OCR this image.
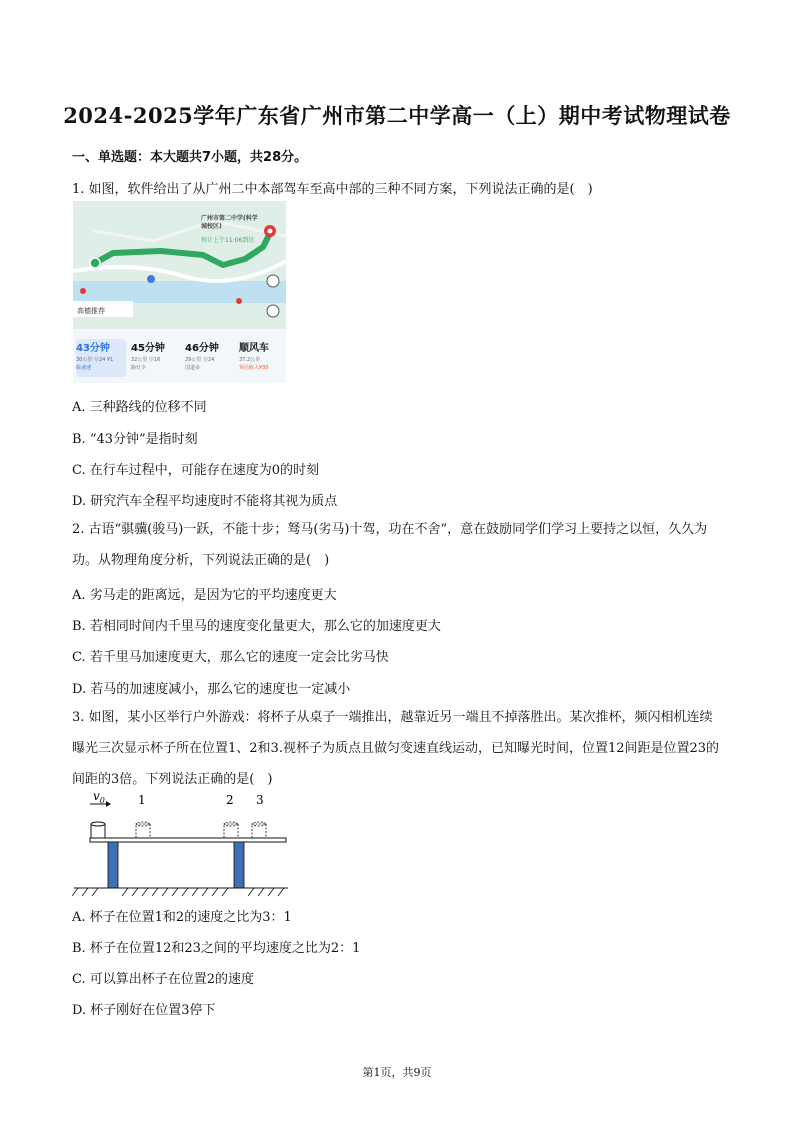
2024-2025学年广东省广州市第二中学高一（上）期中考试物理试卷
一、单选题：本大题共7小题，共28分。
1. 如图，软件给出了从广州二中本部驾车至高中部的三种不同方案，下列说法正确的是(　)
广州市第二中学(科学城校区)
预计上午11:06到达
高德推荐
43分钟
30公里 ⓑ24 ¥1
躲速速
45分钟
32公里 ⓑ16
路灯少
46分钟
29公里 ⓑ24
国道多
顺风车
37.2公里
预估收入¥30
A. 三种路线的位移不同
B. “43分钟”是指时刻
C. 在行车过程中，可能存在速度为0的时刻
D. 研究汽车全程平均速度时不能将其视为质点
2. 古语“骐骥(骏马)一跃，不能十步；驽马(劣马)十驾，功在不舍”，意在鼓励同学们学习上要持之以恒，久久为功。从物理角度分析，下列说法正确的是(　)
A. 劣马走的距离远，是因为它的平均速度更大
B. 若相同时间内千里马的速度变化量更大，那么它的加速度更大
C. 若千里马加速度更大，那么它的速度一定会比劣马快
D. 若马的加速度减小，那么它的速度也一定减小
3. 如图，某小区举行户外游戏：将杯子从桌子一端推出，越靠近另一端且不掉落胜出。某次推杯，频闪相机连续曝光三次显示杯子所在位置1、2和3.视杯子为质点且做匀变速直线运动，已知曝光时间，位置12间距是位置23的间距的3倍。下列说法正确的是(　)
$v_0$	1	2 3
A. 杯子在位置1和2的速度之比为3：1
B. 杯子在位置12和23之间的平均速度之比为2：1
C. 可以算出杯子在位置2的速度
D. 杯子刚好在位置3停下
第1页，共9页
